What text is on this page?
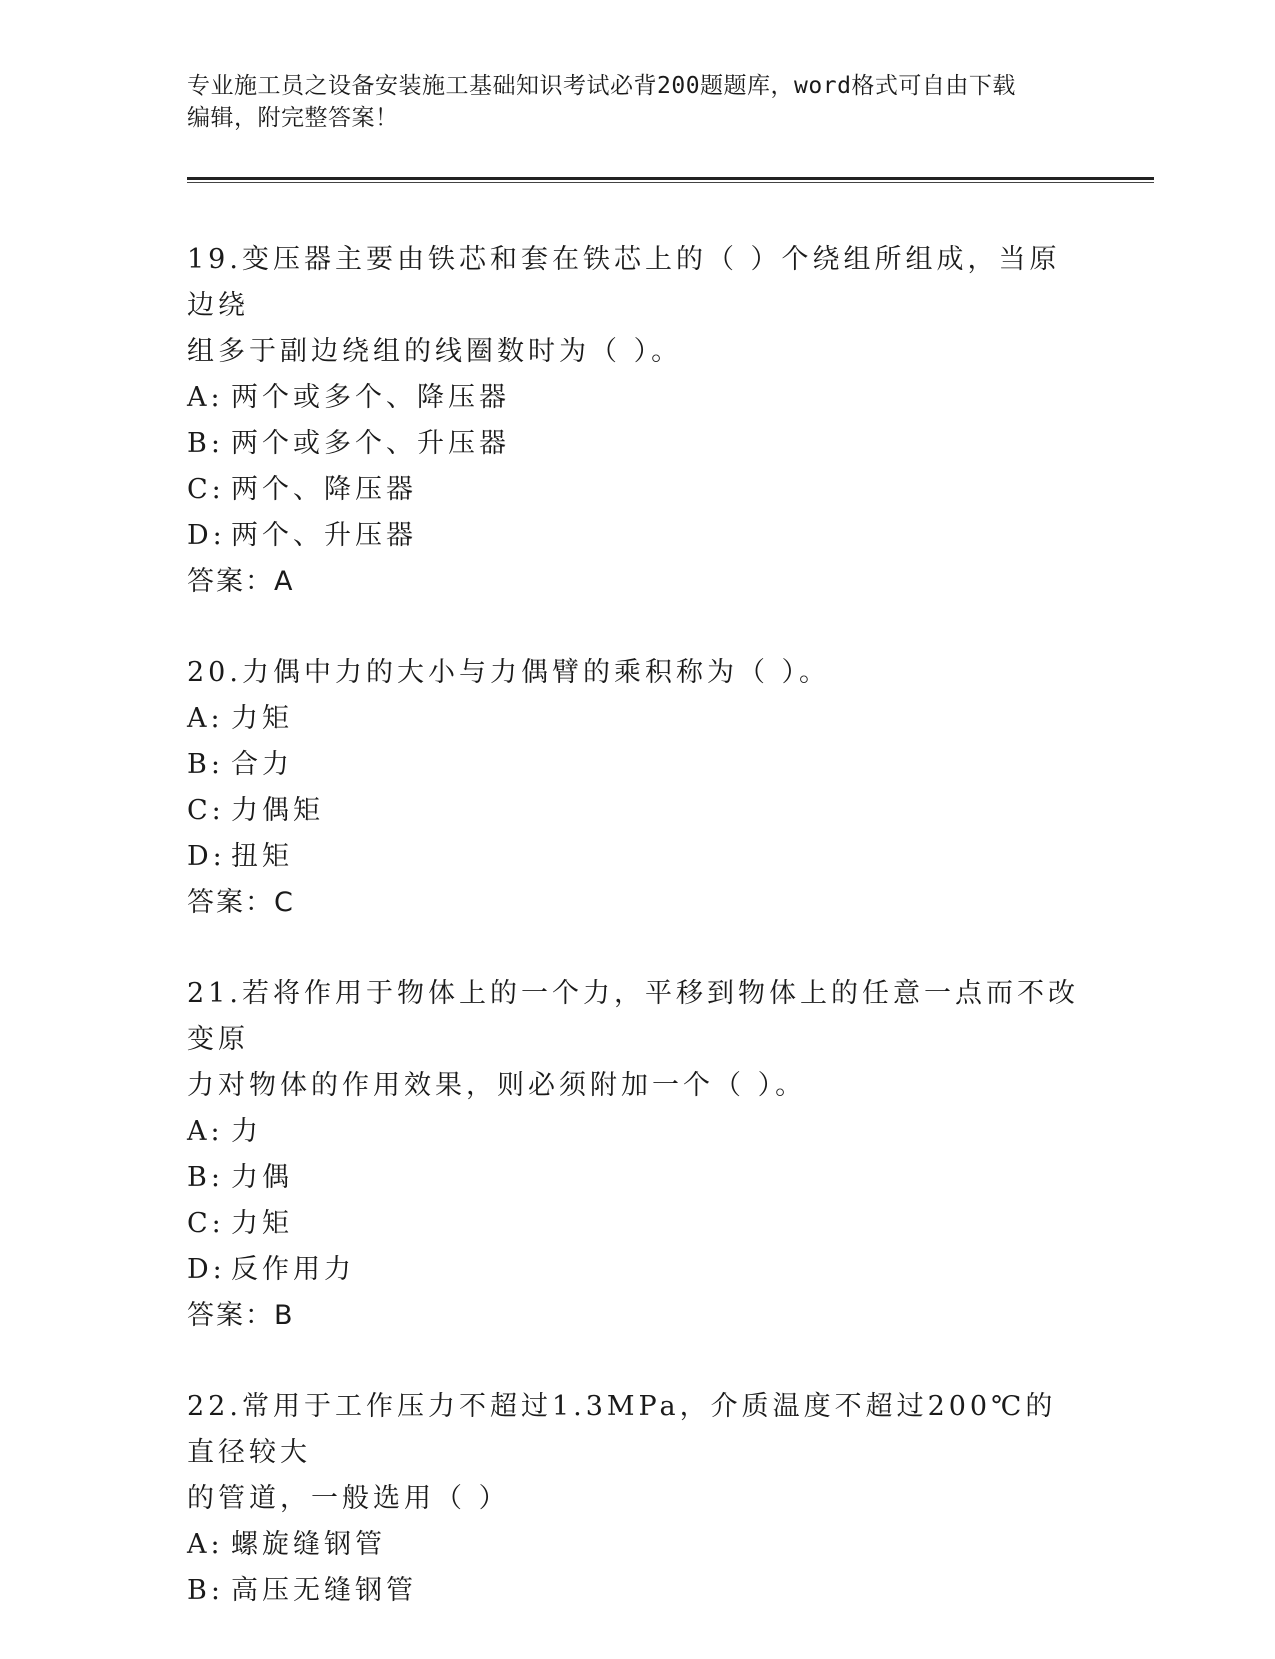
专业施工员之设备安装施工基础知识考试必背200题题库，word格式可自由下载
编辑，附完整答案！
19.变压器主要由铁芯和套在铁芯上的（ ）个绕组所组成，当原边绕
组多于副边绕组的线圈数时为（ ）。
A: 两个或多个、降压器
B: 两个或多个、升压器
C: 两个、降压器
D: 两个、升压器
答案：A
20.力偶中力的大小与力偶臂的乘积称为（ ）。
A: 力矩
B: 合力
C: 力偶矩
D: 扭矩
答案：C
21.若将作用于物体上的一个力，平移到物体上的任意一点而不改变原
力对物体的作用效果，则必须附加一个（ ）。
A: 力
B: 力偶
C: 力矩
D: 反作用力
答案：B
22.常用于工作压力不超过1.3MPa，介质温度不超过200℃的直径较大
的管道，一般选用（ ）
A: 螺旋缝钢管
B: 高压无缝钢管
